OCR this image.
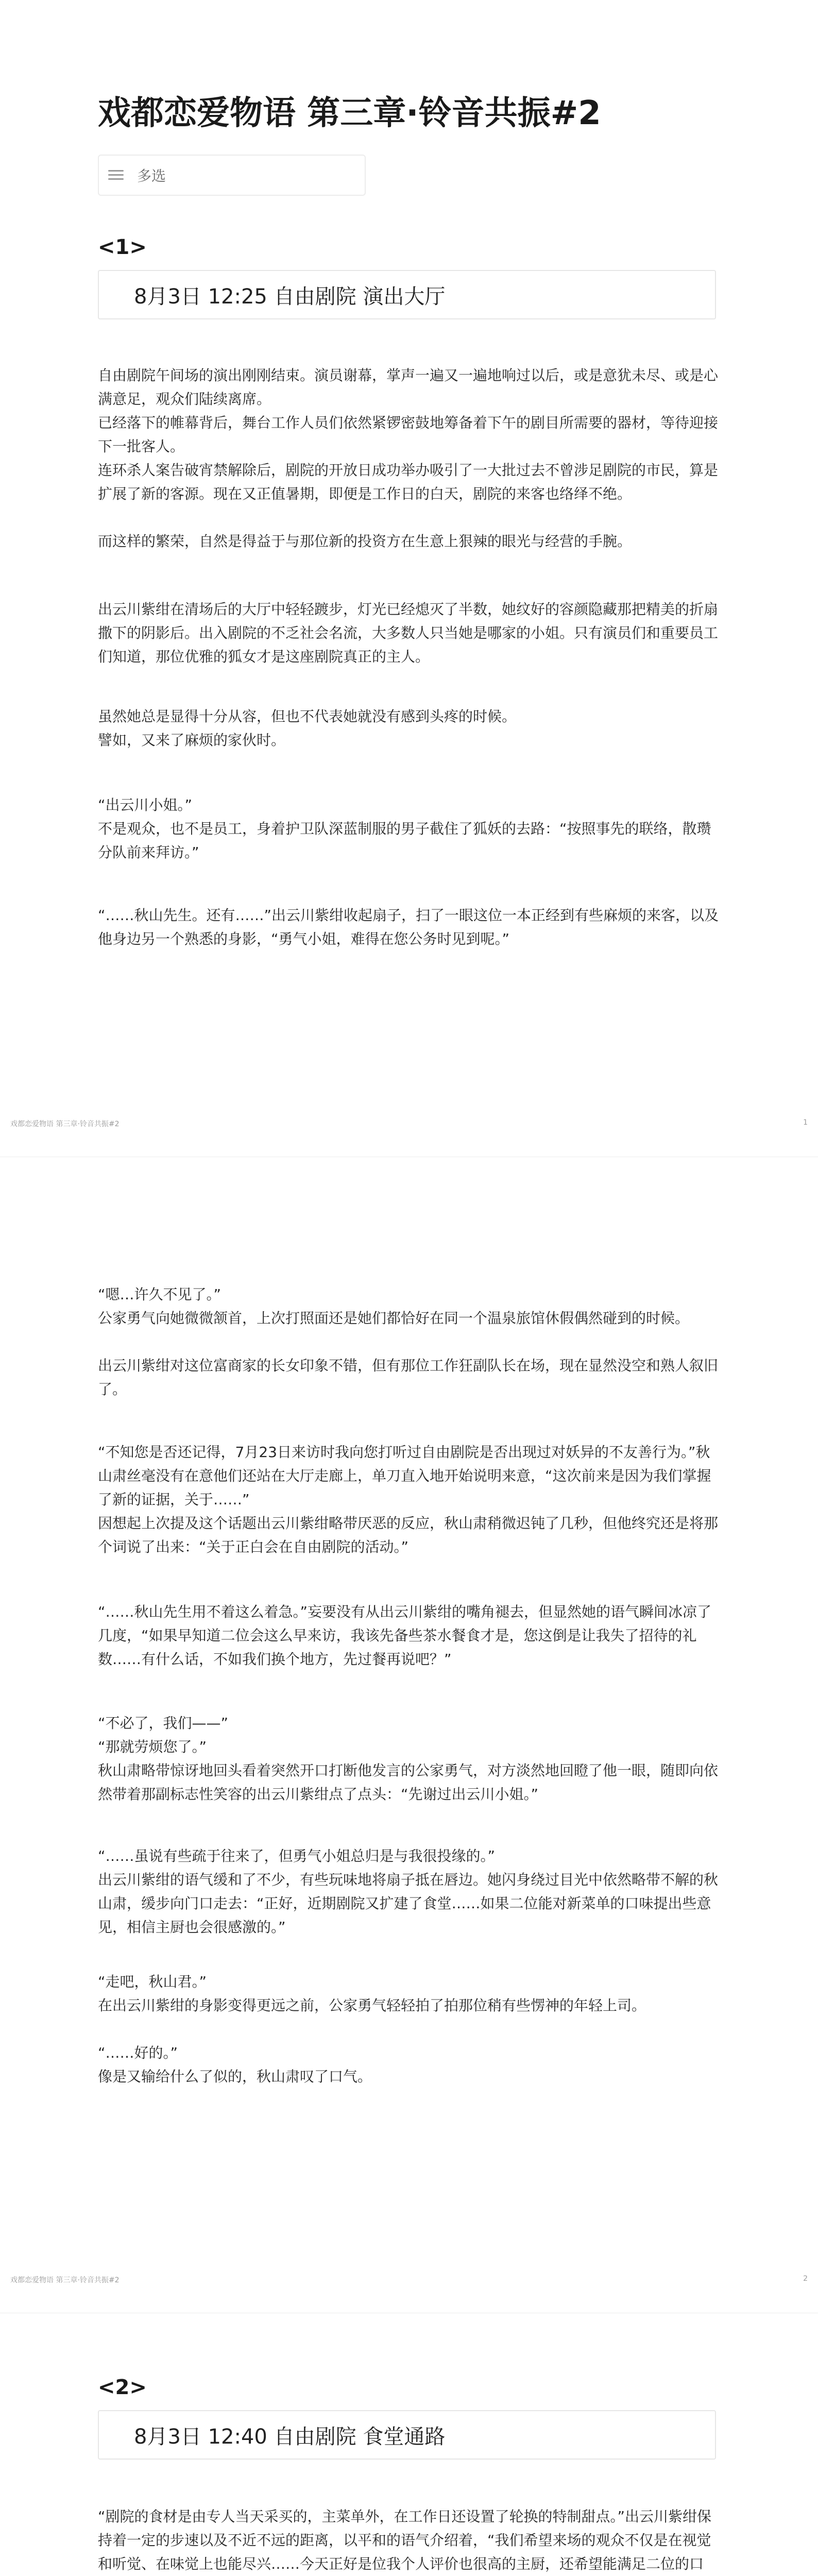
戏都恋爱物语 第三章·铃音共振#2
多选
<1>
8月3日 12:25 自由剧院 演出大厅

自由剧院午间场的演出刚刚结束。演员谢幕，掌声一遍又一遍地响过以后，或是意犹未尽、或是心满意足，观众们陆续离席。

已经落下的帷幕背后，舞台工作人员们依然紧锣密鼓地筹备着下午的剧目所需要的器材，等待迎接下一批客人。

连环杀人案告破宵禁解除后，剧院的开放日成功举办吸引了一大批过去不曾涉足剧院的市民，算是扩展了新的客源。现在又正值暑期，即便是工作日的白天，剧院的来客也络绎不绝。

而这样的繁荣，自然是得益于与那位新的投资方在生意上狠辣的眼光与经营的手腕。

出云川紫绀在清场后的大厅中轻轻踱步，灯光已经熄灭了半数，她纹好的容颜隐藏那把精美的折扇撒下的阴影后。出入剧院的不乏社会名流，大多数人只当她是哪家的小姐。只有演员们和重要员工们知道，那位优雅的狐女才是这座剧院真正的主人。

虽然她总是显得十分从容，但也不代表她就没有感到头疼的时候。

譬如，又来了麻烦的家伙时。

“出云川小姐。”

不是观众，也不是员工，身着护卫队深蓝制服的男子截住了狐妖的去路：“按照事先的联络，散瓒分队前来拜访。”

“……秋山先生。还有……”出云川紫绀收起扇子，扫了一眼这位一本正经到有些麻烦的来客，以及他身边另一个熟悉的身影，“勇气小姐，难得在您公务时见到呢。”

戏都恋爱物语 第三章·铃音共振#2	1

“嗯…许久不见了。”

公家勇气向她微微颔首，上次打照面还是她们都恰好在同一个温泉旅馆休假偶然碰到的时候。

出云川紫绀对这位富商家的长女印象不错，但有那位工作狂副队长在场，现在显然没空和熟人叙旧了。

“不知您是否还记得，7月23日来访时我向您打听过自由剧院是否出现过对妖异的不友善行为。”秋山肃丝毫没有在意他们还站在大厅走廊上，单刀直入地开始说明来意，“这次前来是因为我们掌握了新的证据，关于……”

因想起上次提及这个话题出云川紫绀略带厌恶的反应，秋山肃稍微迟钝了几秒，但他终究还是将那个词说了出来：“关于正白会在自由剧院的活动。”

“……秋山先生用不着这么着急。”妄要没有从出云川紫绀的嘴角褪去，但显然她的语气瞬间冰凉了几度，“如果早知道二位会这么早来访，我该先备些茶水餐食才是，您这倒是让我失了招待的礼数……有什么话，不如我们换个地方，先过餐再说吧？”

“不必了，我们——”

“那就劳烦您了。”

秋山肃略带惊讶地回头看着突然开口打断他发言的公家勇气，对方淡然地回瞪了他一眼，随即向依然带着那副标志性笑容的出云川紫绀点了点头：“先谢过出云川小姐。”

“……虽说有些疏于往来了，但勇气小姐总归是与我很投缘的。”

出云川紫绀的语气缓和了不少，有些玩味地将扇子抵在唇边。她闪身绕过目光中依然略带不解的秋山肃，缓步向门口走去：“正好，近期剧院又扩建了食堂……如果二位能对新菜单的口味提出些意见，相信主厨也会很感激的。”

“走吧，秋山君。”

在出云川紫绀的身影变得更远之前，公家勇气轻轻拍了拍那位稍有些愣神的年轻上司。

“……好的。”

像是又输给什么了似的，秋山肃叹了口气。

戏都恋爱物语 第三章·铃音共振#2	2
<2>
8月3日 12:40 自由剧院 食堂通路

“剧院的食材是由专人当天采买的，主菜单外，在工作日还设置了轮换的特制甜点。”出云川紫绀保持着一定的步速以及不近不远的距离，以平和的语气介绍着，“我们希望来场的观众不仅是在视觉和听觉、在味觉上也能尽兴……今天正好是位我个人评价也很高的主厨，还希望能满足二位的口
